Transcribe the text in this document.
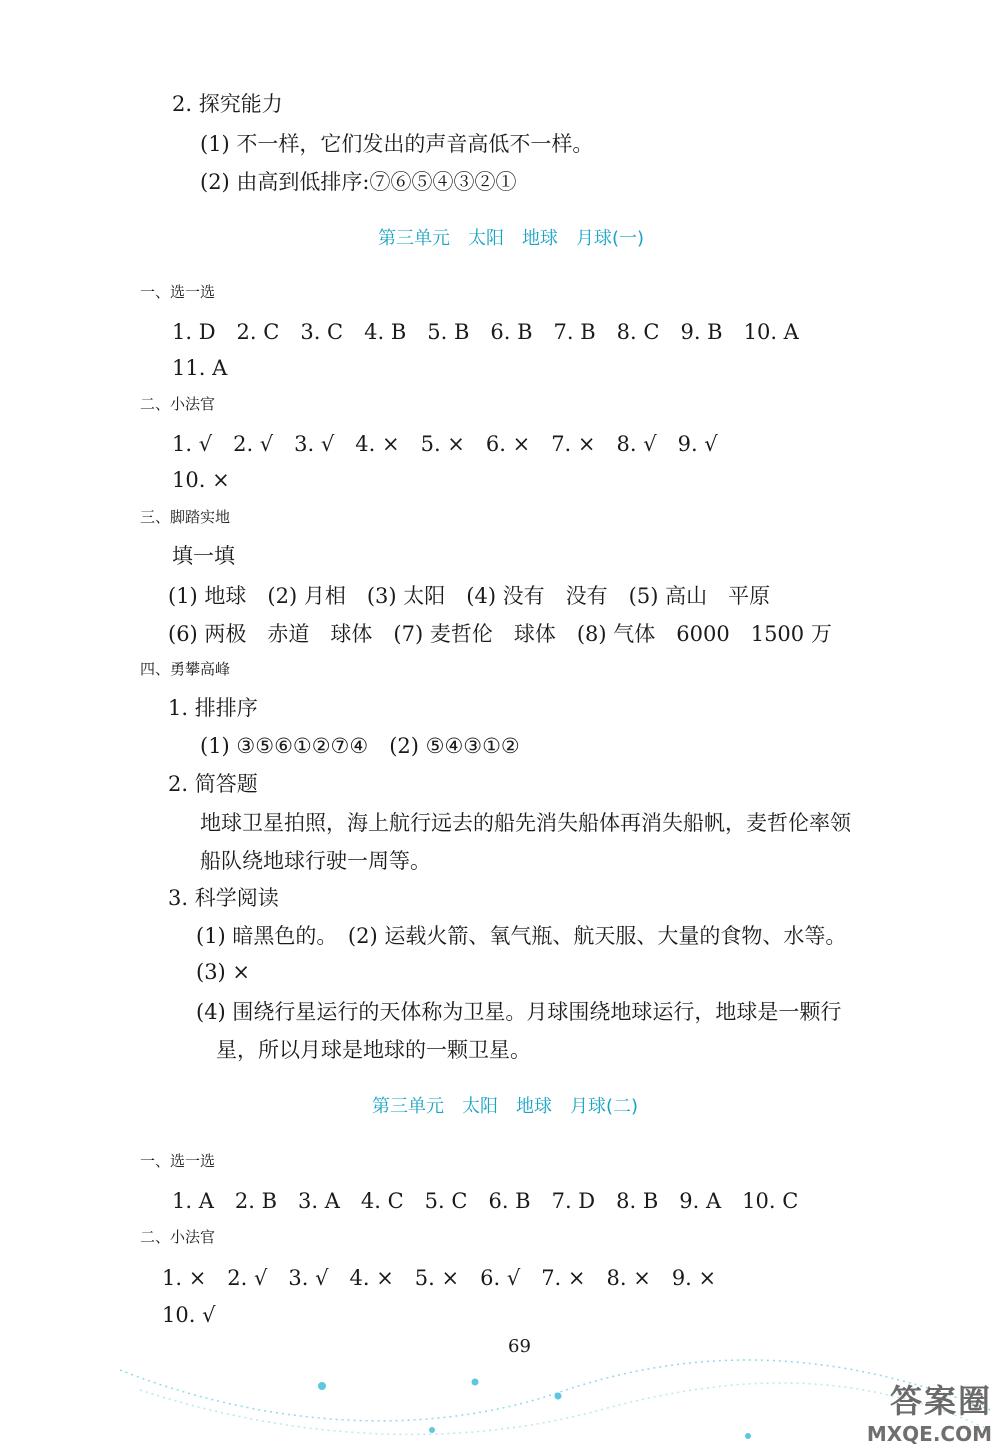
2. 探究能力
(1) 不一样，它们发出的声音高低不一样。
(2) 由高到低排序:⑦⑥⑤④③②①
第三单元　太阳　地球　月球(一)
一、选一选
1. D　2. C　3. C　4. B　5. B　6. B　7. B　8. C　9. B　10. A
11. A
二、小法官
1. √　2. √　3. √　4. ×　5. ×　6. ×　7. ×　8. √　9. √
10. ×
三、脚踏实地
填一填
(1) 地球　(2) 月相　(3) 太阳　(4) 没有　没有　(5) 高山　平原
(6) 两极　赤道　球体　(7) 麦哲伦　球体　(8) 气体　6000　1500 万
四、勇攀高峰
1. 排排序
(1) ③⑤⑥①②⑦④　(2) ⑤④③①②
2. 简答题
地球卫星拍照，海上航行远去的船先消失船体再消失船帆，麦哲伦率领
船队绕地球行驶一周等。
3. 科学阅读
(1) 暗黑色的。　(2) 运载火箭、氧气瓶、航天服、大量的食物、水等。
(3) ×
(4) 围绕行星运行的天体称为卫星。月球围绕地球运行，地球是一颗行
星，所以月球是地球的一颗卫星。
第三单元　太阳　地球　月球(二)
一、选一选
1. A　2. B　3. A　4. C　5. C　6. B　7. D　8. B　9. A　10. C
二、小法官
1. ×　2. √　3. √　4. ×　5. ×　6. √　7. ×　8. ×　9. ×
10. √
69
答案圈
MXQE.COM
